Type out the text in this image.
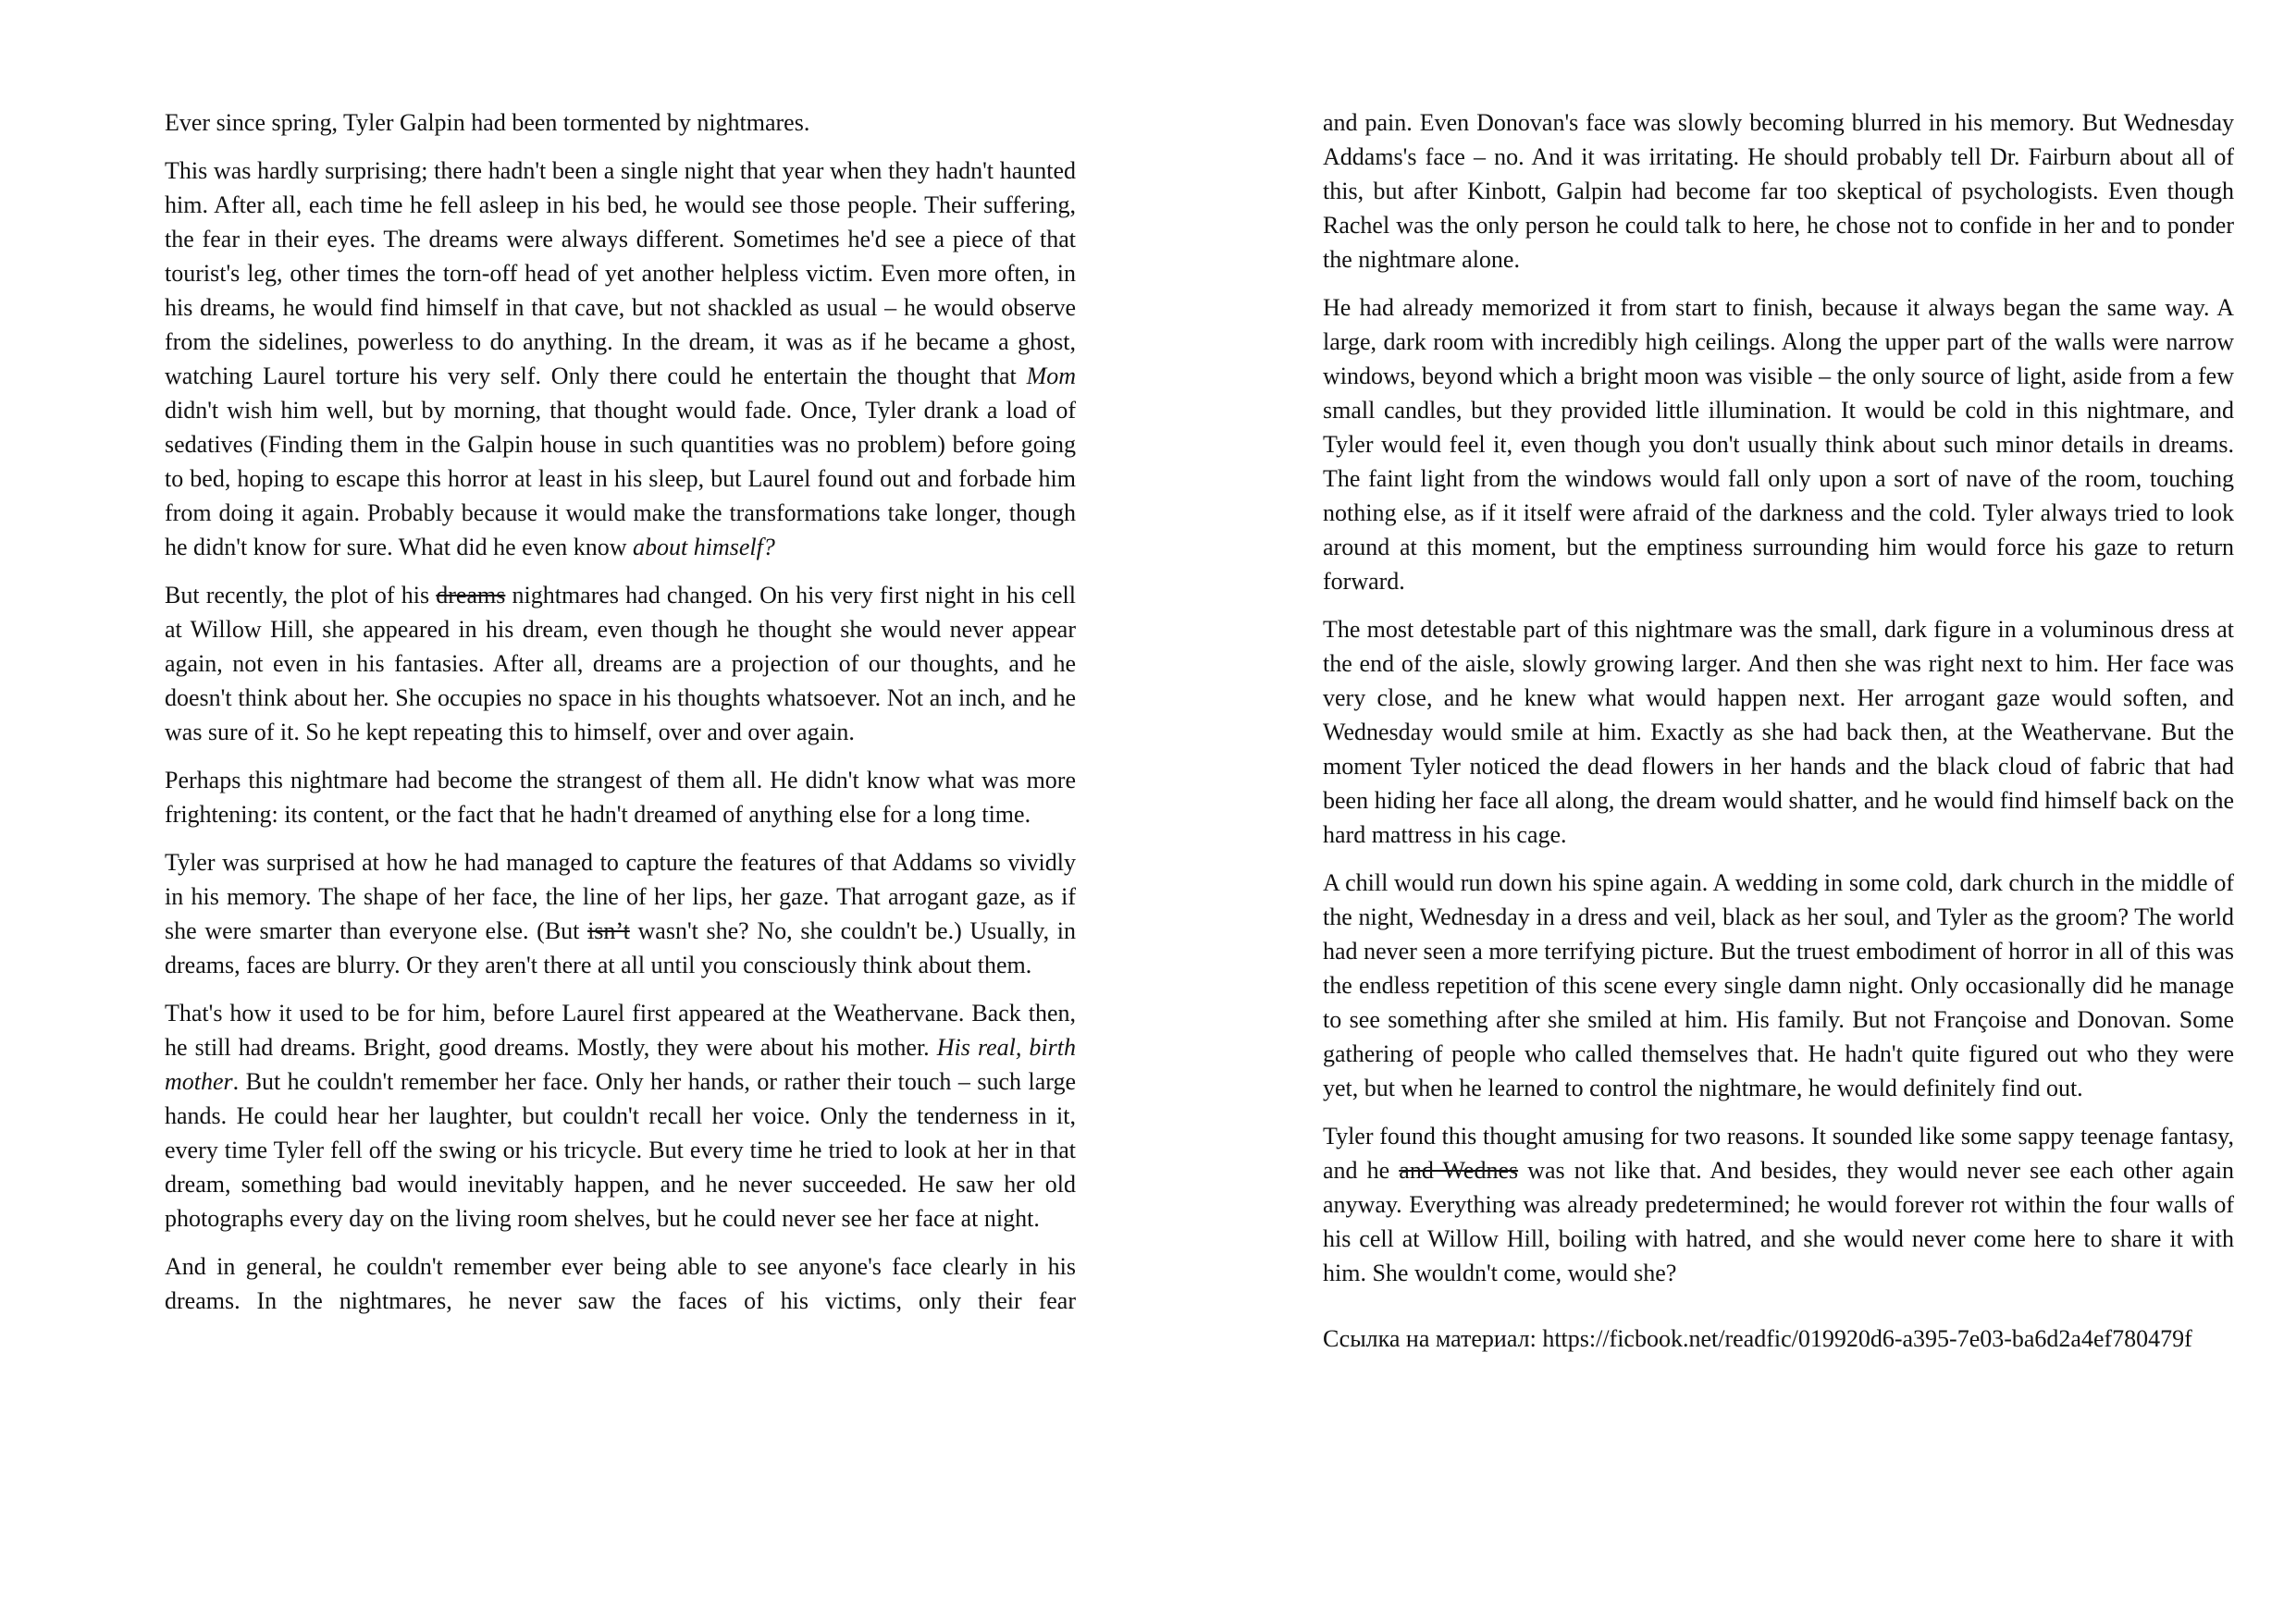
Ever since spring, Tyler Galpin had been tormented by nightmares.

This was hardly surprising; there hadn't been a single night that year when they hadn't haunted him. After all, each time he fell asleep in his bed, he would see those people. Their suffering, the fear in their eyes. The dreams were always different. Sometimes he'd see a piece of that tourist's leg, other times the torn-off head of yet another helpless victim. Even more often, in his dreams, he would find himself in that cave, but not shackled as usual – he would observe from the sidelines, powerless to do anything. In the dream, it was as if he became a ghost, watching Laurel torture his very self. Only there could he entertain the thought that Mom didn't wish him well, but by morning, that thought would fade. Once, Tyler drank a load of sedatives (Finding them in the Galpin house in such quantities was no problem) before going to bed, hoping to escape this horror at least in his sleep, but Laurel found out and forbade him from doing it again. Probably because it would make the transformations take longer, though he didn't know for sure. What did he even know about himself?

But recently, the plot of his dreams nightmares had changed. On his very first night in his cell at Willow Hill, she appeared in his dream, even though he thought she would never appear again, not even in his fantasies. After all, dreams are a projection of our thoughts, and he doesn't think about her. She occupies no space in his thoughts whatsoever. Not an inch, and he was sure of it. So he kept repeating this to himself, over and over again.

Perhaps this nightmare had become the strangest of them all. He didn't know what was more frightening: its content, or the fact that he hadn't dreamed of anything else for a long time.

Tyler was surprised at how he had managed to capture the features of that Addams so vividly in his memory. The shape of her face, the line of her lips, her gaze. That arrogant gaze, as if she were smarter than everyone else. (But isn’t wasn't she? No, she couldn't be.) Usually, in dreams, faces are blurry. Or they aren't there at all until you consciously think about them.

That's how it used to be for him, before Laurel first appeared at the Weathervane. Back then, he still had dreams. Bright, good dreams. Mostly, they were about his mother. His real, birth mother. But he couldn't remember her face. Only her hands, or rather their touch – such large hands. He could hear her laughter, but couldn't recall her voice. Only the tenderness in it, every time Tyler fell off the swing or his tricycle. But every time he tried to look at her in that dream, something bad would inevitably happen, and he never succeeded. He saw her old photographs every day on the living room shelves, but he could never see her face at night.

And in general, he couldn't remember ever being able to see anyone's face clearly in his dreams. In the nightmares, he never saw the faces of his victims, only their fear

and pain. Even Donovan's face was slowly becoming blurred in his memory. But Wednesday Addams's face – no. And it was irritating. He should probably tell Dr. Fairburn about all of this, but after Kinbott, Galpin had become far too skeptical of psychologists. Even though Rachel was the only person he could talk to here, he chose not to confide in her and to ponder the nightmare alone.

He had already memorized it from start to finish, because it always began the same way. A large, dark room with incredibly high ceilings. Along the upper part of the walls were narrow windows, beyond which a bright moon was visible – the only source of light, aside from a few small candles, but they provided little illumination. It would be cold in this nightmare, and Tyler would feel it, even though you don't usually think about such minor details in dreams. The faint light from the windows would fall only upon a sort of nave of the room, touching nothing else, as if it itself were afraid of the darkness and the cold. Tyler always tried to look around at this moment, but the emptiness surrounding him would force his gaze to return forward.

The most detestable part of this nightmare was the small, dark figure in a voluminous dress at the end of the aisle, slowly growing larger. And then she was right next to him. Her face was very close, and he knew what would happen next. Her arrogant gaze would soften, and Wednesday would smile at him. Exactly as she had back then, at the Weathervane. But the moment Tyler noticed the dead flowers in her hands and the black cloud of fabric that had been hiding her face all along, the dream would shatter, and he would find himself back on the hard mattress in his cage.

A chill would run down his spine again. A wedding in some cold, dark church in the middle of the night, Wednesday in a dress and veil, black as her soul, and Tyler as the groom? The world had never seen a more terrifying picture. But the truest embodiment of horror in all of this was the endless repetition of this scene every single damn night. Only occasionally did he manage to see something after she smiled at him. His family. But not Françoise and Donovan. Some gathering of people who called themselves that. He hadn't quite figured out who they were yet, but when he learned to control the nightmare, he would definitely find out.

Tyler found this thought amusing for two reasons. It sounded like some sappy teenage fantasy, and he and Wednes was not like that. And besides, they would never see each other again anyway. Everything was already predetermined; he would forever rot within the four walls of his cell at Willow Hill, boiling with hatred, and she would never come here to share it with him. She wouldn't come, would she?

Ссылка на материал: https://ficbook.net/readfic/019920d6-a395-7e03-ba6d2a4ef780479f
